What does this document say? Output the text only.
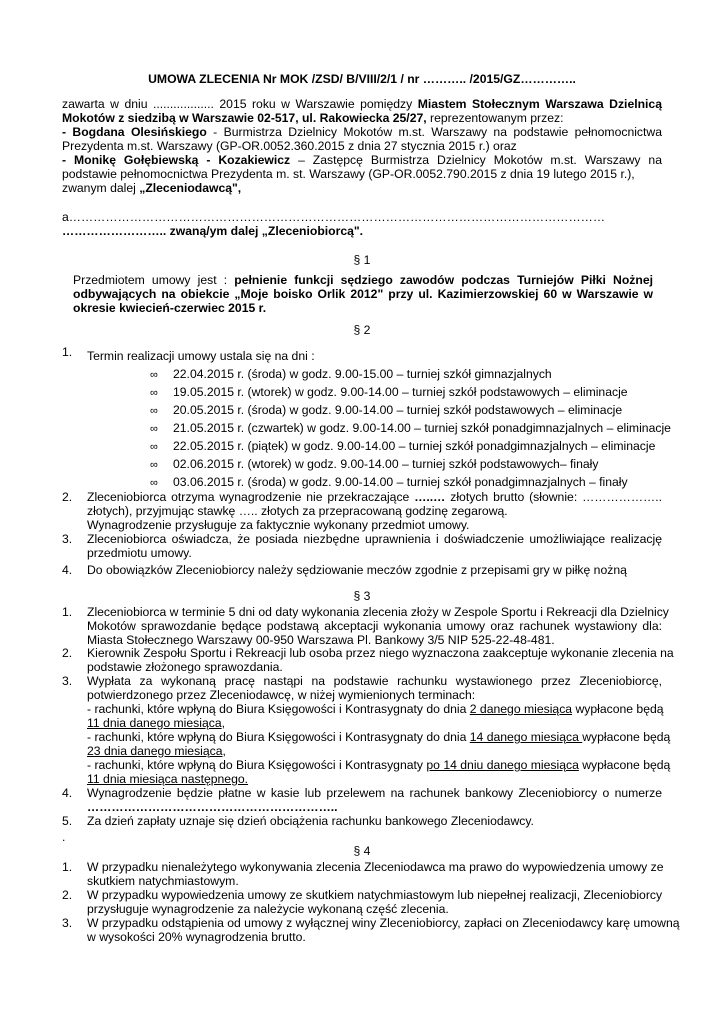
UMOWA ZLECENIA Nr MOK /ZSD/ B/VIII/2/1 / nr ……….. /2015/GZ…………..
zawarta w dniu .................. 2015 roku w Warszawie pomiędzy Miastem Stołecznym Warszawa Dzielnicą
Mokotów z siedzibą w Warszawie 02-517, ul. Rakowiecka 25/27, reprezentowanym przez:
- Bogdana Olesińskiego - Burmistrza Dzielnicy Mokotów m.st. Warszawy na podstawie pełnomocnictwa
Prezydenta m.st. Warszawy (GP-OR.0052.360.2015 z dnia 27 stycznia 2015 r.) oraz
- Monikę Gołębiewską - Kozakiewicz – Zastępcę Burmistrza Dzielnicy Mokotów m.st. Warszawy na
podstawie pełnomocnictwa Prezydenta m. st. Warszawy (GP-OR.0052.790.2015 z dnia 19 lutego 2015 r.),
zwanym dalej „Zleceniodawcą",
a……………………………………………………………………………………………………………………
…………………….. zwaną/ym dalej „Zleceniobiorcą".
§ 1
Przedmiotem umowy jest : pełnienie funkcji sędziego zawodów podczas Turniejów Piłki Nożnej
odbywających na obiekcie „Moje boisko Orlik 2012" przy ul. Kazimierzowskiej 60 w Warszawie w
okresie kwiecień-czerwiec 2015 r.
§ 2
1. Termin realizacji umowy ustala się na dni :
∞ 22.04.2015 r. (środa) w godz. 9.00-15.00 – turniej szkół gimnazjalnych
∞ 19.05.2015 r. (wtorek) w godz. 9.00-14.00 – turniej szkół podstawowych – eliminacje
∞ 20.05.2015 r. (środa) w godz. 9.00-14.00 – turniej szkół podstawowych – eliminacje
∞ 21.05.2015 r. (czwartek) w godz. 9.00-14.00 – turniej szkół ponadgimnazjalnych – eliminacje
∞ 22.05.2015 r. (piątek) w godz. 9.00-14.00 – turniej szkół ponadgimnazjalnych – eliminacje
∞ 02.06.2015 r. (wtorek) w godz. 9.00-14.00 – turniej szkół podstawowych– finały
∞ 03.06.2015 r. (środa) w godz. 9.00-14.00 – turniej szkół ponadgimnazjalnych – finały
2. Zleceniobiorca otrzyma wynagrodzenie nie przekraczające …..… złotych brutto (słownie: ………………..
złotych), przyjmując stawkę ….. złotych za przepracowaną godzinę zegarową.
Wynagrodzenie przysługuje za faktycznie wykonany przedmiot umowy.
3. Zleceniobiorca oświadcza, że posiada niezbędne uprawnienia i doświadczenie umożliwiające realizację
przedmiotu umowy.
4. Do obowiązków Zleceniobiorcy należy sędziowanie meczów zgodnie z przepisami gry w piłkę nożną
§ 3
1. Zleceniobiorca w terminie 5 dni od daty wykonania zlecenia złoży w Zespole Sportu i Rekreacji dla Dzielnicy
Mokotów sprawozdanie będące podstawą akceptacji wykonania umowy oraz rachunek wystawiony dla:
Miasta Stołecznego Warszawy 00-950 Warszawa Pl. Bankowy 3/5 NIP 525-22-48-481.
2. Kierownik Zespołu Sportu i Rekreacji lub osoba przez niego wyznaczona zaakceptuje wykonanie zlecenia na
podstawie złożonego sprawozdania.
3. Wypłata za wykonaną pracę nastąpi na podstawie rachunku wystawionego przez Zleceniobiorcę,
potwierdzonego przez Zleceniodawcę, w niżej wymienionych terminach:
- rachunki, które wpłyną do Biura Księgowości i Kontrasygnaty do dnia 2 danego miesiąca wypłacone będą
11 dnia danego miesiąca,
- rachunki, które wpłyną do Biura Księgowości i Kontrasygnaty do dnia 14 danego miesiąca wypłacone będą
23 dnia danego miesiąca,
- rachunki, które wpłyną do Biura Księgowości i Kontrasygnaty po 14 dniu danego miesiąca wypłacone będą
11 dnia miesiąca następnego.
4. Wynagrodzenie będzie płatne w kasie lub przelewem na rachunek bankowy Zleceniobiorcy o numerze
……………………………………………………..
5. Za dzień zapłaty uznaje się dzień obciążenia rachunku bankowego Zleceniodawcy.
.
§ 4
1. W przypadku nienależytego wykonywania zlecenia Zleceniodawca ma prawo do wypowiedzenia umowy ze
skutkiem natychmiastowym.
2. W przypadku wypowiedzenia umowy ze skutkiem natychmiastowym lub niepełnej realizacji, Zleceniobiorcy
przysługuje wynagrodzenie za należycie wykonaną część zlecenia.
3. W przypadku odstąpienia od umowy z wyłącznej winy Zleceniobiorcy, zapłaci on Zleceniodawcy karę umowną
w wysokości 20% wynagrodzenia brutto.
